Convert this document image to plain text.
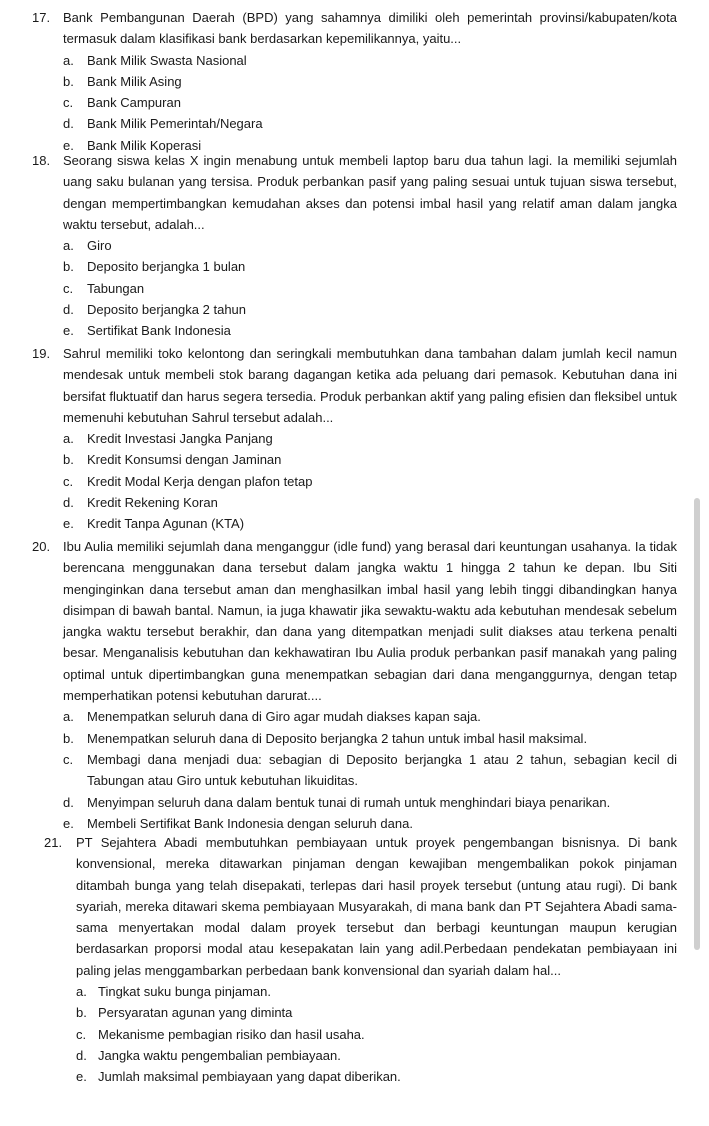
17. Bank Pembangunan Daerah (BPD) yang sahamnya dimiliki oleh pemerintah provinsi/kabupaten/kota termasuk dalam klasifikasi bank berdasarkan kepemilikannya, yaitu...
a. Bank Milik Swasta Nasional
b. Bank Milik Asing
c. Bank Campuran
d. Bank Milik Pemerintah/Negara
e. Bank Milik Koperasi
18. Seorang siswa kelas X ingin menabung untuk membeli laptop baru dua tahun lagi. Ia memiliki sejumlah uang saku bulanan yang tersisa. Produk perbankan pasif yang paling sesuai untuk tujuan siswa tersebut, dengan mempertimbangkan kemudahan akses dan potensi imbal hasil yang relatif aman dalam jangka waktu tersebut, adalah...
a. Giro
b. Deposito berjangka 1 bulan
c. Tabungan
d. Deposito berjangka 2 tahun
e. Sertifikat Bank Indonesia
19. Sahrul memiliki toko kelontong dan seringkali membutuhkan dana tambahan dalam jumlah kecil namun mendesak untuk membeli stok barang dagangan ketika ada peluang dari pemasok. Kebutuhan dana ini bersifat fluktuatif dan harus segera tersedia. Produk perbankan aktif yang paling efisien dan fleksibel untuk memenuhi kebutuhan Sahrul tersebut adalah...
a. Kredit Investasi Jangka Panjang
b. Kredit Konsumsi dengan Jaminan
c. Kredit Modal Kerja dengan plafon tetap
d. Kredit Rekening Koran
e. Kredit Tanpa Agunan (KTA)
20. Ibu Aulia memiliki sejumlah dana menganggur (idle fund) yang berasal dari keuntungan usahanya. Ia tidak berencana menggunakan dana tersebut dalam jangka waktu 1 hingga 2 tahun ke depan. Ibu Siti menginginkan dana tersebut aman dan menghasilkan imbal hasil yang lebih tinggi dibandingkan hanya disimpan di bawah bantal. Namun, ia juga khawatir jika sewaktu-waktu ada kebutuhan mendesak sebelum jangka waktu tersebut berakhir, dan dana yang ditempatkan menjadi sulit diakses atau terkena penalti besar. Menganalisis kebutuhan dan kekhawatiran Ibu Aulia produk perbankan pasif manakah yang paling optimal untuk dipertimbangkan guna menempatkan sebagian dari dana menganggurnya, dengan tetap memperhatikan potensi kebutuhan darurat....
a. Menempatkan seluruh dana di Giro agar mudah diakses kapan saja.
b. Menempatkan seluruh dana di Deposito berjangka 2 tahun untuk imbal hasil maksimal.
c. Membagi dana menjadi dua: sebagian di Deposito berjangka 1 atau 2 tahun, sebagian kecil di Tabungan atau Giro untuk kebutuhan likuiditas.
d. Menyimpan seluruh dana dalam bentuk tunai di rumah untuk menghindari biaya penarikan.
e. Membeli Sertifikat Bank Indonesia dengan seluruh dana.
21. PT Sejahtera Abadi membutuhkan pembiayaan untuk proyek pengembangan bisnisnya. Di bank konvensional, mereka ditawarkan pinjaman dengan kewajiban mengembalikan pokok pinjaman ditambah bunga yang telah disepakati, terlepas dari hasil proyek tersebut (untung atau rugi). Di bank syariah, mereka ditawari skema pembiayaan Musyarakah, di mana bank dan PT Sejahtera Abadi sama-sama menyertakan modal dalam proyek tersebut dan berbagi keuntungan maupun kerugian berdasarkan proporsi modal atau kesepakatan lain yang adil.Perbedaan pendekatan pembiayaan ini paling jelas menggambarkan perbedaan bank konvensional dan syariah dalam hal...
a. Tingkat suku bunga pinjaman.
b. Persyaratan agunan yang diminta
c. Mekanisme pembagian risiko dan hasil usaha.
d. Jangka waktu pengembalian pembiayaan.
e. Jumlah maksimal pembiayaan yang dapat diberikan.
